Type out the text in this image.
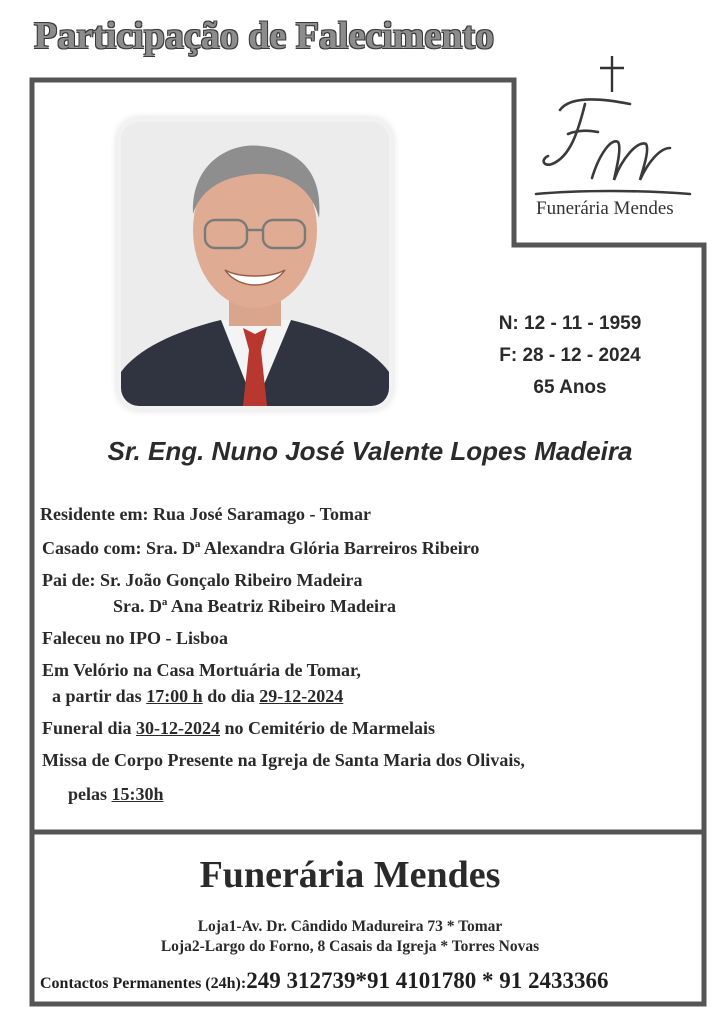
Participação de Falecimento
Funerária Mendes
N: 12 - 11 - 1959
F: 28 - 12 - 2024
65 Anos
Sr. Eng. Nuno José Valente Lopes Madeira
Residente em: Rua José Saramago - Tomar
Casado com: Sra. Dª Alexandra Glória Barreiros Ribeiro
Pai de: Sr. João Gonçalo Ribeiro Madeira
Sra. Dª Ana Beatriz Ribeiro Madeira
Faleceu no IPO - Lisboa
Em Velório na Casa Mortuária de Tomar,
a partir das 17:00 h do dia 29-12-2024
Funeral dia 30-12-2024 no Cemitério de Marmelais
Missa de Corpo Presente na Igreja de Santa Maria dos Olivais,
pelas 15:30h
Funerária Mendes
Loja1-Av. Dr. Cândido Madureira 73 * Tomar
Loja2-Largo do Forno, 8 Casais da Igreja * Torres Novas
Contactos Permanentes (24h):249 312739*91 4101780 * 91 2433366
